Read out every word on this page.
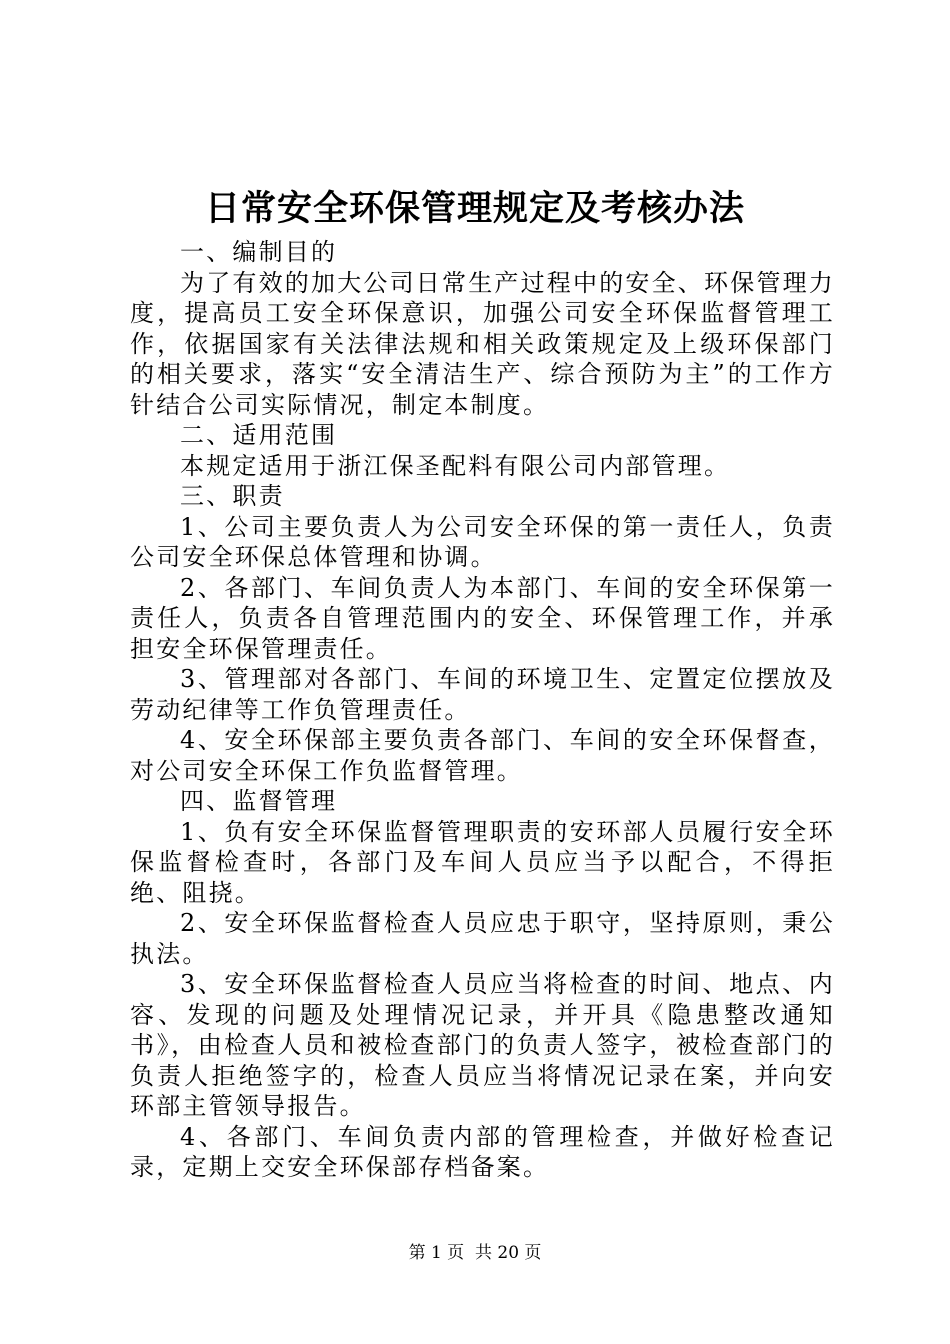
日常安全环保管理规定及考核办法

一、编制目的

为了有效的加大公司日常生产过程中的安全、环保管理力度，提高员工安全环保意识，加强公司安全环保监督管理工作，依据国家有关法律法规和相关政策规定及上级环保部门的相关要求，落实“安全清洁生产、综合预防为主”的工作方针结合公司实际情况，制定本制度。

二、适用范围

本规定适用于浙江保圣配料有限公司内部管理。

三、职责

1、公司主要负责人为公司安全环保的第一责任人，负责公司安全环保总体管理和协调。

2、各部门、车间负责人为本部门、车间的安全环保第一责任人，负责各自管理范围内的安全、环保管理工作，并承担安全环保管理责任。

3、管理部对各部门、车间的环境卫生、定置定位摆放及劳动纪律等工作负管理责任。

4、安全环保部主要负责各部门、车间的安全环保督查，对公司安全环保工作负监督管理。

四、监督管理

1、负有安全环保监督管理职责的安环部人员履行安全环保监督检查时，各部门及车间人员应当予以配合，不得拒绝、阻挠。

2、安全环保监督检查人员应忠于职守，坚持原则，秉公执法。

3、安全环保监督检查人员应当将检查的时间、地点、内容、发现的问题及处理情况记录，并开具《隐患整改通知书》，由检查人员和被检查部门的负责人签字，被检查部门的负责人拒绝签字的，检查人员应当将情况记录在案，并向安环部主管领导报告。

4、各部门、车间负责内部的管理检查，并做好检查记录，定期上交安全环保部存档备案。

第 1 页  共 20 页
